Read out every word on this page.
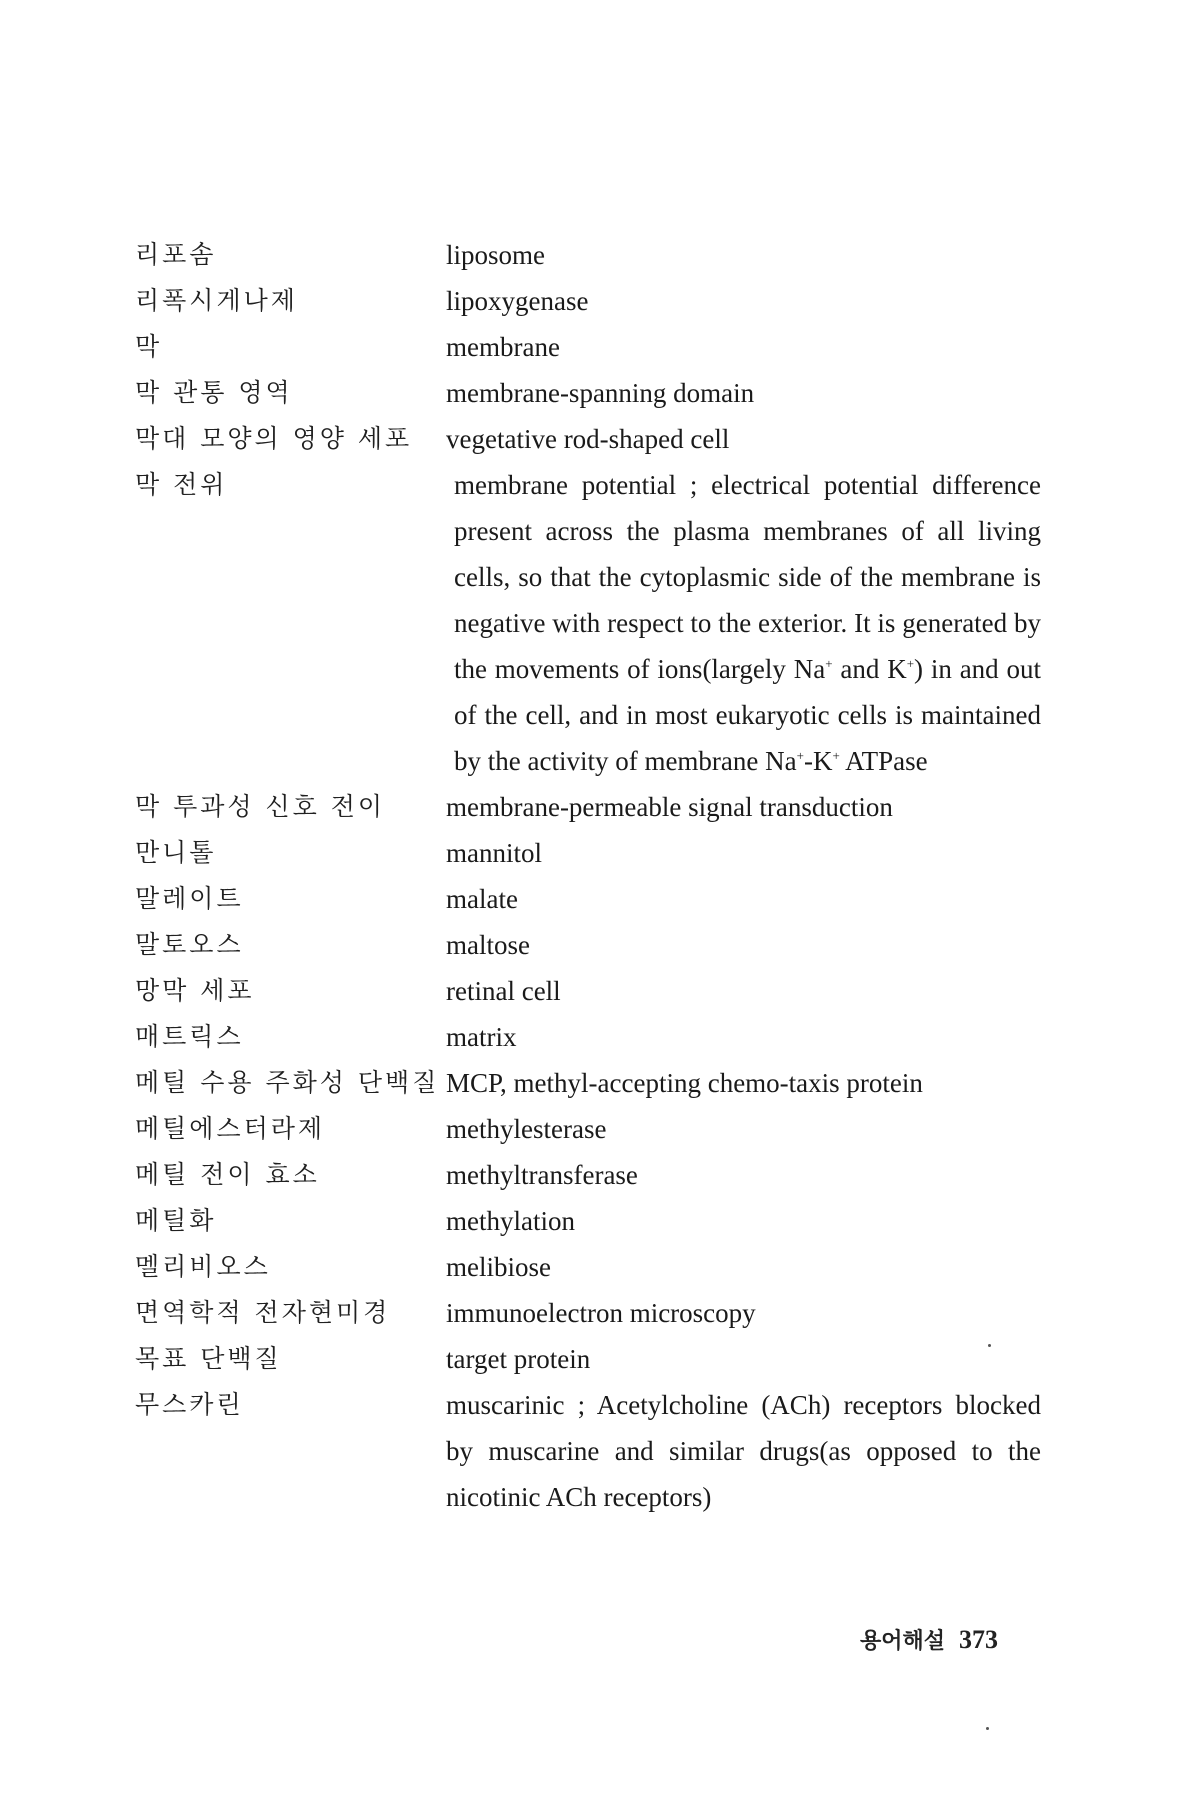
리포솜	liposome
리폭시게나제	lipoxygenase
막	membrane
막 관통 영역	membrane-spanning domain
막대 모양의 영양 세포	vegetative rod-shaped cell
막 전위	membrane potential ; electrical potential difference present across the plasma membranes of all living cells, so that the cytoplasmic side of the membrane is negative with respect to the exterior. It is generated by the movements of ions(largely Na+ and K+) in and out of the cell, and in most eukaryotic cells is maintained by the activity of membrane Na+-K+ ATPase
막 투과성 신호 전이	membrane-permeable signal transduction
만니톨	mannitol
말레이트	malate
말토오스	maltose
망막 세포	retinal cell
매트릭스	matrix
메틸 수용 주화성 단백질 MCP, methyl-accepting chemo-taxis protein
메틸에스터라제	methylesterase
메틸 전이 효소	methyltransferase
메틸화	methylation
멜리비오스	melibiose
면역학적 전자현미경	immunoelectron microscopy
목표 단백질	target protein
무스카린	muscarinic ; Acetylcholine (ACh) receptors blocked by muscarine and similar drugs(as opposed to the nicotinic ACh receptors)
용어해설 373
